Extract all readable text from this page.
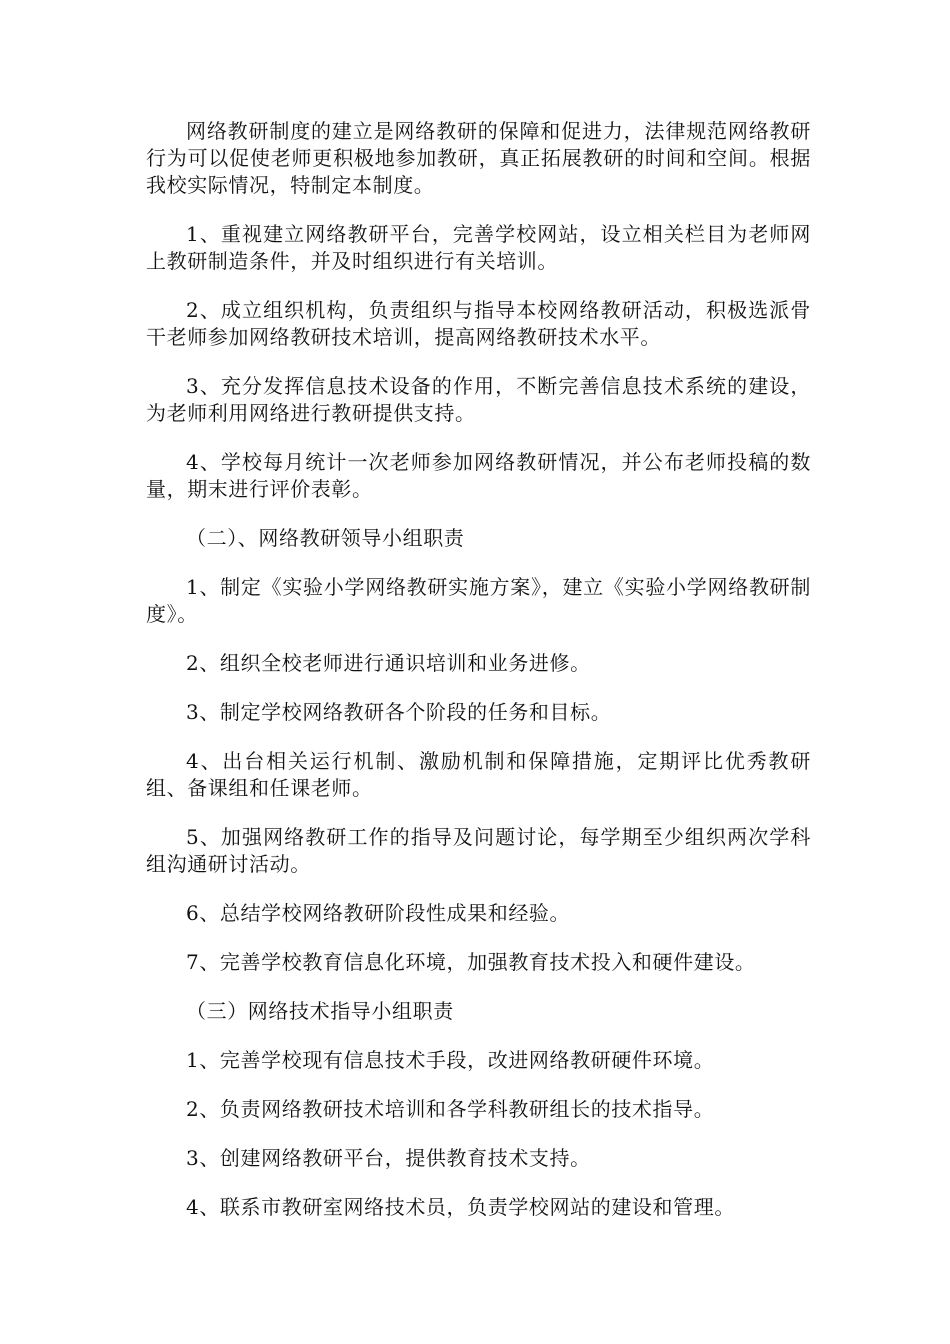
网络教研制度的建立是网络教研的保障和促进力，法律规范网络教研行为可以促使老师更积极地参加教研，真正拓展教研的时间和空间。根据我校实际情况，特制定本制度。

1、重视建立网络教研平台，完善学校网站，设立相关栏目为老师网上教研制造条件，并及时组织进行有关培训。

2、成立组织机构，负责组织与指导本校网络教研活动，积极选派骨干老师参加网络教研技术培训，提高网络教研技术水平。

3、充分发挥信息技术设备的作用，不断完善信息技术系统的建设，为老师利用网络进行教研提供支持。

4、学校每月统计一次老师参加网络教研情况，并公布老师投稿的数量，期末进行评价表彰。

（二）、网络教研领导小组职责

1、制定《实验小学网络教研实施方案》，建立《实验小学网络教研制度》。

2、组织全校老师进行通识培训和业务进修。

3、制定学校网络教研各个阶段的任务和目标。

4、出台相关运行机制、激励机制和保障措施，定期评比优秀教研组、备课组和任课老师。

5、加强网络教研工作的指导及问题讨论，每学期至少组织两次学科组沟通研讨活动。

6、总结学校网络教研阶段性成果和经验。

7、完善学校教育信息化环境，加强教育技术投入和硬件建设。

（三）网络技术指导小组职责

1、完善学校现有信息技术手段，改进网络教研硬件环境。

2、负责网络教研技术培训和各学科教研组长的技术指导。

3、创建网络教研平台，提供教育技术支持。

4、联系市教研室网络技术员，负责学校网站的建设和管理。
